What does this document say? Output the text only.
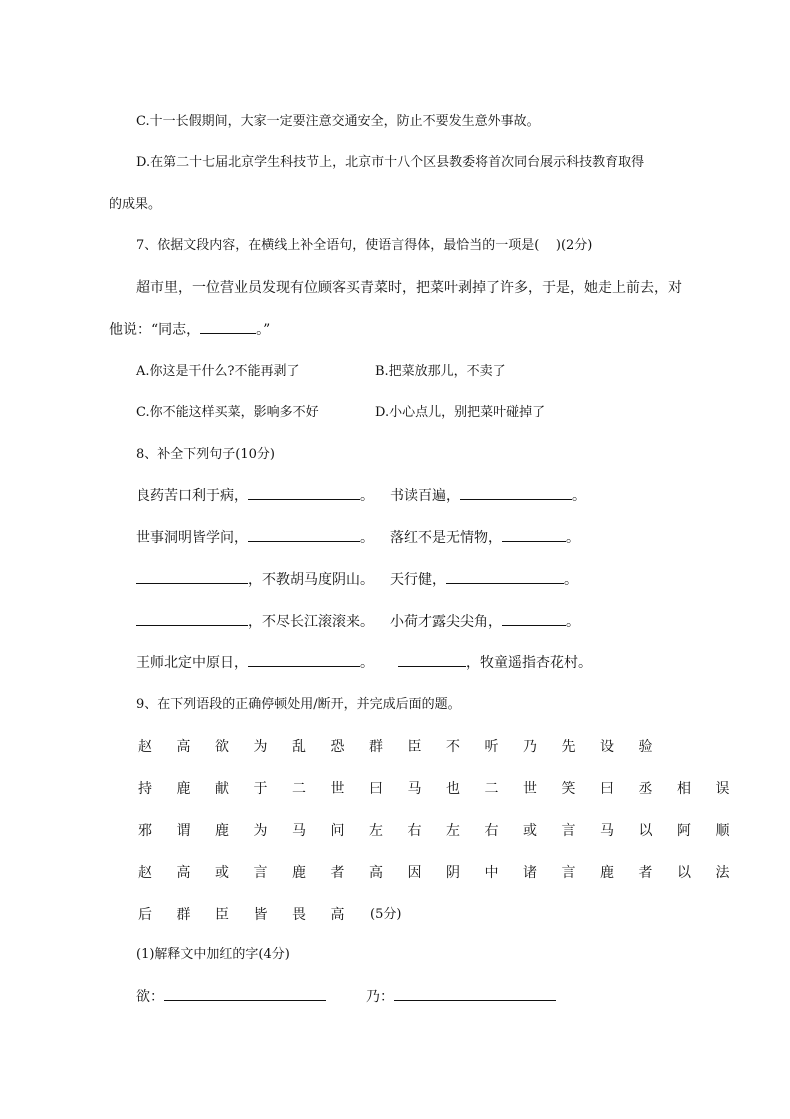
C.十一长假期间，大家一定要注意交通安全，防止不要发生意外事故。
D.在第二十七届北京学生科技节上，北京市十八个区县教委将首次同台展示科技教育取得
的成果。
7、依据文段内容，在横线上补全语句，使语言得体，最恰当的一项是(    )(2分)
超市里，一位营业员发现有位顾客买青菜时，把菜叶剥掉了许多，于是，她走上前去，对
他说：“同志，	。”
A.你这是干什么?不能再剥了	B.把菜放那儿，不卖了
C.你不能这样买菜，影响多不好	D.小心点儿，别把菜叶碰掉了
8、补全下列句子(10分)
良药苦口利于病，	。 书读百遍，	。
世事洞明皆学问，	。 落红不是无情物，	。
，不教胡马度阴山。 天行健，	。
，不尽长江滚滚来。 小荷才露尖尖角，	。
王师北定中原日，	。	，牧童遥指杏花村。
9、在下列语段的正确停顿处用/断开，并完成后面的题。
赵 高 欲 为 乱 恐 群 臣 不 听 乃 先 设 验
持 鹿 献 于 二 世 曰 马 也 二 世 笑 曰 丞 相 误
邪 谓 鹿 为 马 问 左 右 左 右 或 言 马 以 阿 顺
赵 高 或 言 鹿 者 高 因 阴 中 诸 言 鹿 者 以 法
后 群 臣 皆 畏 高 (5分)
(1)解释文中加红的字(4分)
欲：	乃：
